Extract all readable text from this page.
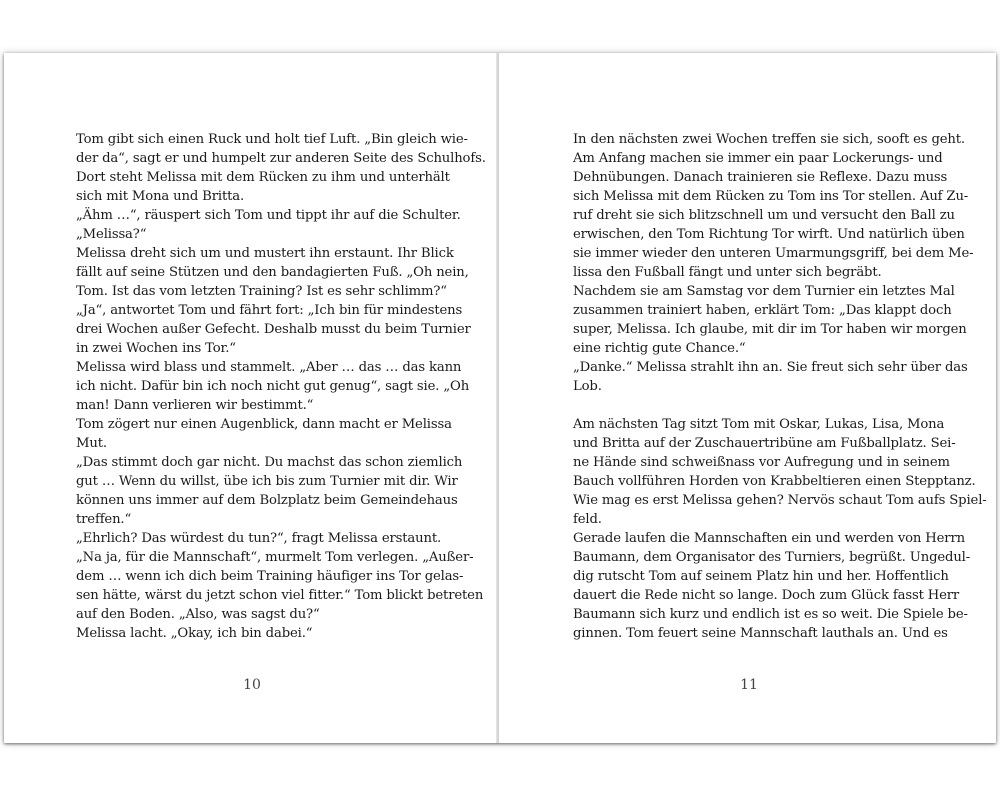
Tom gibt sich einen Ruck und holt tief Luft. „Bin gleich wie-
der da“, sagt er und humpelt zur anderen Seite des Schulhofs.
Dort steht Melissa mit dem Rücken zu ihm und unterhält
sich mit Mona und Britta.
„Ähm …“, räuspert sich Tom und tippt ihr auf die Schulter.
„Melissa?“
Melissa dreht sich um und mustert ihn erstaunt. Ihr Blick
fällt auf seine Stützen und den bandagierten Fuß. „Oh nein,
Tom. Ist das vom letzten Training? Ist es sehr schlimm?“
„Ja“, antwortet Tom und fährt fort: „Ich bin für mindestens
drei Wochen außer Gefecht. Deshalb musst du beim Turnier
in zwei Wochen ins Tor.“
Melissa wird blass und stammelt. „Aber … das … das kann
ich nicht. Dafür bin ich noch nicht gut genug“, sagt sie. „Oh
man! Dann verlieren wir bestimmt.“
Tom zögert nur einen Augenblick, dann macht er Melissa
Mut.
„Das stimmt doch gar nicht. Du machst das schon ziemlich
gut … Wenn du willst, übe ich bis zum Turnier mit dir. Wir
können uns immer auf dem Bolzplatz beim Gemeindehaus
treffen.“
„Ehrlich? Das würdest du tun?“, fragt Melissa erstaunt.
„Na ja, für die Mannschaft“, murmelt Tom verlegen. „Außer-
dem … wenn ich dich beim Training häufiger ins Tor gelas-
sen hätte, wärst du jetzt schon viel fitter.“ Tom blickt betreten
auf den Boden. „Also, was sagst du?“
Melissa lacht. „Okay, ich bin dabei.“
10
In den nächsten zwei Wochen treffen sie sich, sooft es geht.
Am Anfang machen sie immer ein paar Lockerungs- und
Dehnübungen. Danach trainieren sie Reflexe. Dazu muss
sich Melissa mit dem Rücken zu Tom ins Tor stellen. Auf Zu-
ruf dreht sie sich blitzschnell um und versucht den Ball zu
erwischen, den Tom Richtung Tor wirft. Und natürlich üben
sie immer wieder den unteren Umarmungsgriff, bei dem Me-
lissa den Fußball fängt und unter sich begräbt.
Nachdem sie am Samstag vor dem Turnier ein letztes Mal
zusammen trainiert haben, erklärt Tom: „Das klappt doch
super, Melissa. Ich glaube, mit dir im Tor haben wir morgen
eine richtig gute Chance.“
„Danke.“ Melissa strahlt ihn an. Sie freut sich sehr über das
Lob.
Am nächsten Tag sitzt Tom mit Oskar, Lukas, Lisa, Mona
und Britta auf der Zuschauertribüne am Fußballplatz. Sei-
ne Hände sind schweißnass vor Aufregung und in seinem
Bauch vollführen Horden von Krabbeltieren einen Stepptanz.
Wie mag es erst Melissa gehen? Nervös schaut Tom aufs Spiel-
feld.
Gerade laufen die Mannschaften ein und werden von Herrn
Baumann, dem Organisator des Turniers, begrüßt. Ungedul-
dig rutscht Tom auf seinem Platz hin und her. Hoffentlich
dauert die Rede nicht so lange. Doch zum Glück fasst Herr
Baumann sich kurz und endlich ist es so weit. Die Spiele be-
ginnen. Tom feuert seine Mannschaft lauthals an. Und es
11
